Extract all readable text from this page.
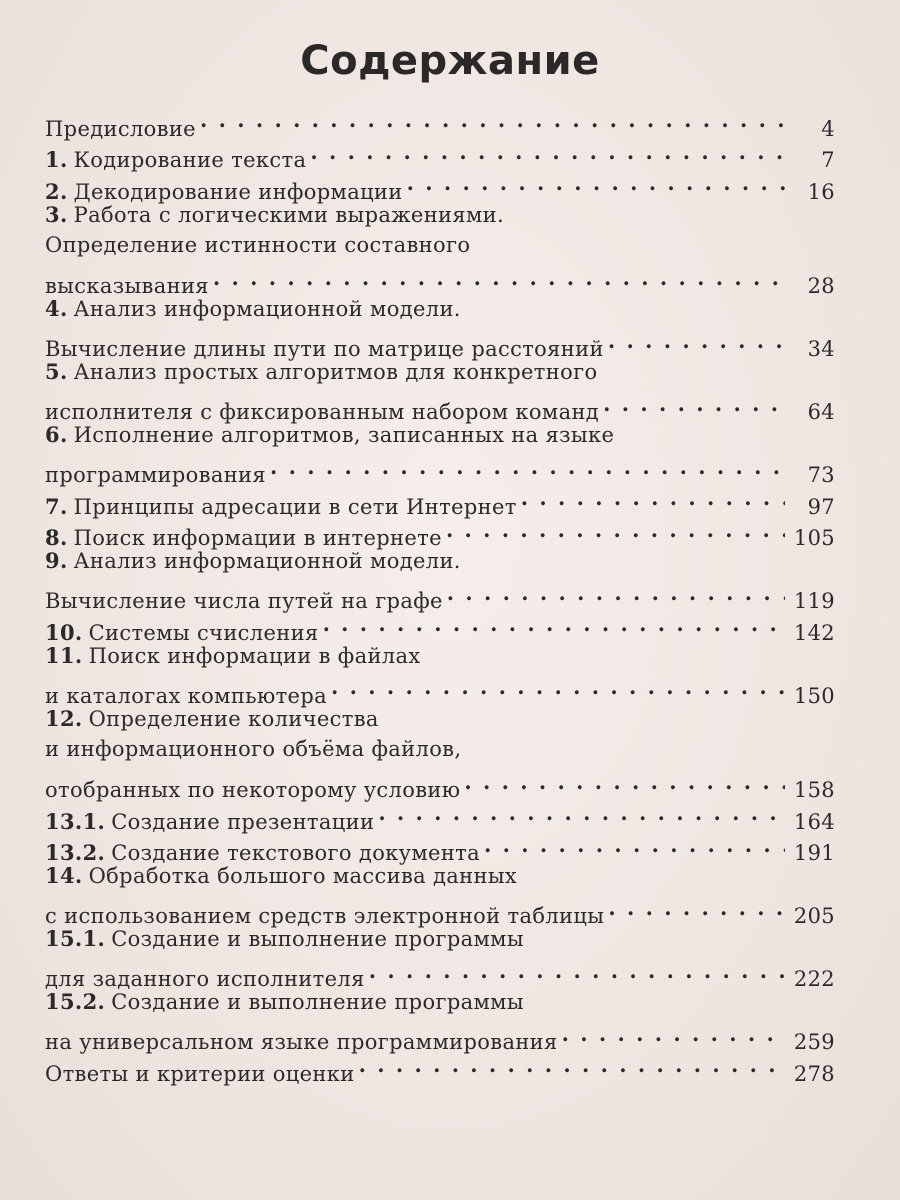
Содержание
Предисловие . . .	4
1. Кодирование текста . . .	7
2. Декодирование информации . . .	16
3. Работа с логическими выражениями.
Определение истинности составного
высказывания . . .	28
4. Анализ информационной модели.
Вычисление длины пути по матрице расстояний . . .	34
5. Анализ простых алгоритмов для конкретного
исполнителя с фиксированным набором команд . . .	64
6. Исполнение алгоритмов, записанных на языке
программирования . . .	73
7. Принципы адресации в сети Интернет . . .	97
8. Поиск информации в интернете . . .	105
9. Анализ информационной модели.
Вычисление числа путей на графе . . .	119
10. Системы счисления . . .	142
11. Поиск информации в файлах
и каталогах компьютера . . .	150
12. Определение количества
и информационного объёма файлов,
отобранных по некоторому условию . . .	158
13.1. Создание презентации . . .	164
13.2. Создание текстового документа . . .	191
14. Обработка большого массива данных
с использованием средств электронной таблицы . . .	205
15.1. Создание и выполнение программы
для заданного исполнителя . . .	222
15.2. Создание и выполнение программы
на универсальном языке программирования . . .	259
Ответы и критерии оценки . . .	278
